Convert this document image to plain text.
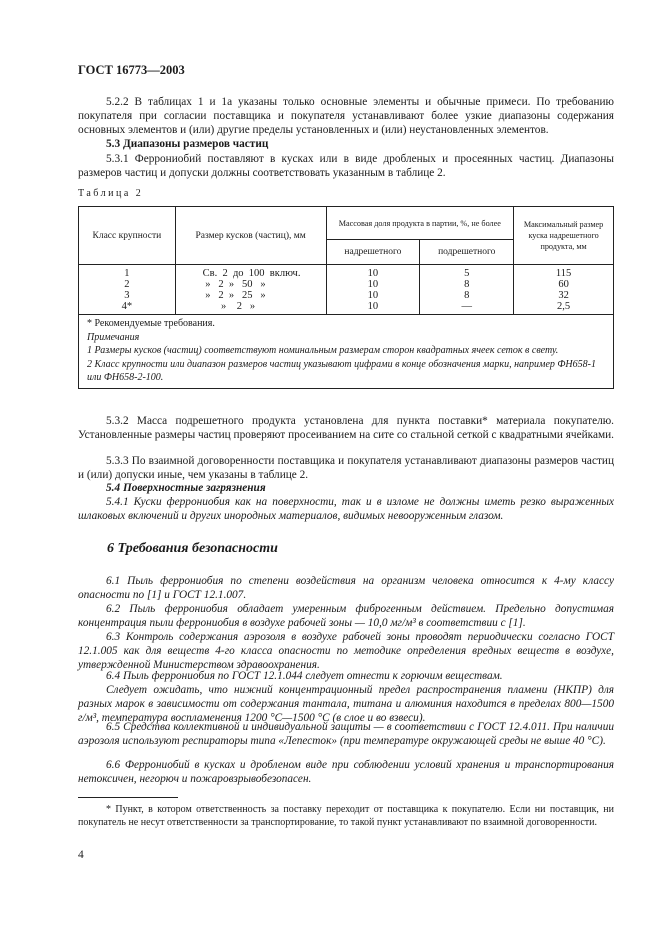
ГОСТ 16773—2003
5.2.2 В таблицах 1 и 1а указаны только основные элементы и обычные примеси. По требованию покупателя при согласии поставщика и покупателя устанавливают более узкие диапазоны содержания основных элементов и (или) другие пределы установленных и (или) неустановленных элементов.
5.3 Диапазоны размеров частиц
5.3.1 Феррониобий поставляют в кусках или в виде дробленых и просеянных частиц. Диапазоны размеров частиц и допуски должны соответствовать указанным в таблице 2.
Таблица 2
Класс крупности	Размер кусков (частиц), мм	Массовая доля продукта в партии, %, не более		Максимальный размер куска надрешетного продукта, мм
		надрешетного	подрешетного	
1	Св.  2  до  100  включ.	10	5	115
2	»   2  »   50   »	10	8	60
3	»   2  »   25   »	10	8	32
4*	»    2   »	10	—	2,5

* Рекомендуемые требования.
Примечания
1 Размеры кусков (частиц) соответствуют номинальным размерам сторон квадратных ячеек сеток в свету.
2 Класс крупности или диапазон размеров частиц указывают цифрами в конце обозначения марки, например ФН658-1 или ФН658-2-100.				
5.3.2 Масса подрешетного продукта установлена для пункта поставки* материала покупателю. Установленные размеры частиц проверяют просеиванием на сите со стальной сеткой с квадратными ячейками.
5.3.3 По взаимной договоренности поставщика и покупателя устанавливают диапазоны размеров частиц и (или) допуски иные, чем указаны в таблице 2.
5.4 Поверхностные загрязнения
5.4.1 Куски феррониобия как на поверхности, так и в изломе не должны иметь резко выраженных шлаковых включений и других инородных материалов, видимых невооруженным глазом.
6 Требования безопасности
6.1 Пыль феррониобия по степени воздействия на организм человека относится к 4-му классу опасности по [1] и ГОСТ 12.1.007.
6.2 Пыль феррониобия обладает умеренным фиброгенным действием. Предельно допустимая концентрация пыли феррониобия в воздухе рабочей зоны — 10,0 мг/м³ в соответствии с [1].
6.3 Контроль содержания аэрозоля в воздухе рабочей зоны проводят периодически согласно ГОСТ 12.1.005 как для веществ 4-го класса опасности по методике определения вредных веществ в воздухе, утвержденной Министерством здравоохранения.
6.4 Пыль феррониобия по ГОСТ 12.1.044 следует отнести к горючим веществам.
Следует ожидать, что нижний концентрационный предел распространения пламени (НКПР) для разных марок в зависимости от содержания тантала, титана и алюминия находится в пределах 800—1500 г/м³, температура воспламенения 1200 °С—1500 °С (в слое и во взвеси).
6.5 Средства коллективной и индивидуальной защиты — в соответствии с ГОСТ 12.4.011. При наличии аэрозоля используют респираторы типа «Лепесток» (при температуре окружающей среды не выше 40 °С).
6.6 Феррониобий в кусках и дробленом виде при соблюдении условий хранения и транспортирования нетоксичен, негорюч и пожаровзрывобезопасен.
* Пункт, в котором ответственность за поставку переходит от поставщика к покупателю. Если ни поставщик, ни покупатель не несут ответственности за транспортирование, то такой пункт устанавливают по взаимной договоренности.
4
